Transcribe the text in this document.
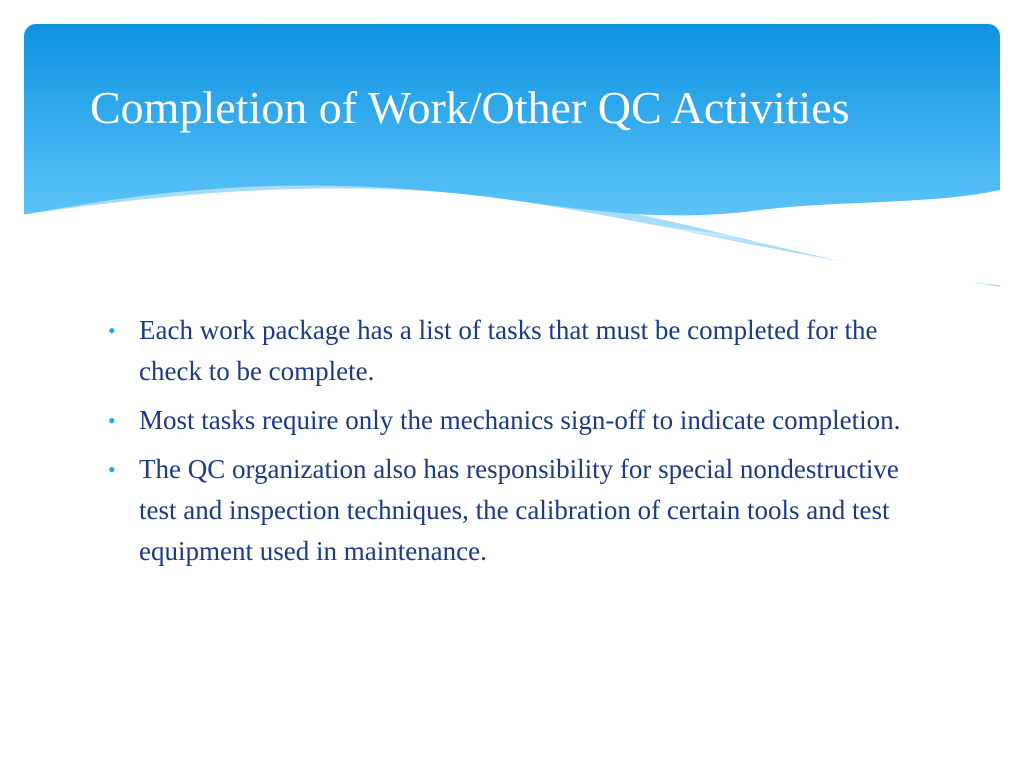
Completion of Work/Other QC Activities
• Each work package has a list of tasks that must be completed for the check to be complete.
• Most tasks require only the mechanics sign-off to indicate completion.
• The QC organization also has responsibility for special nondestructive test and inspection techniques, the calibration of certain tools and test equipment used in maintenance.
